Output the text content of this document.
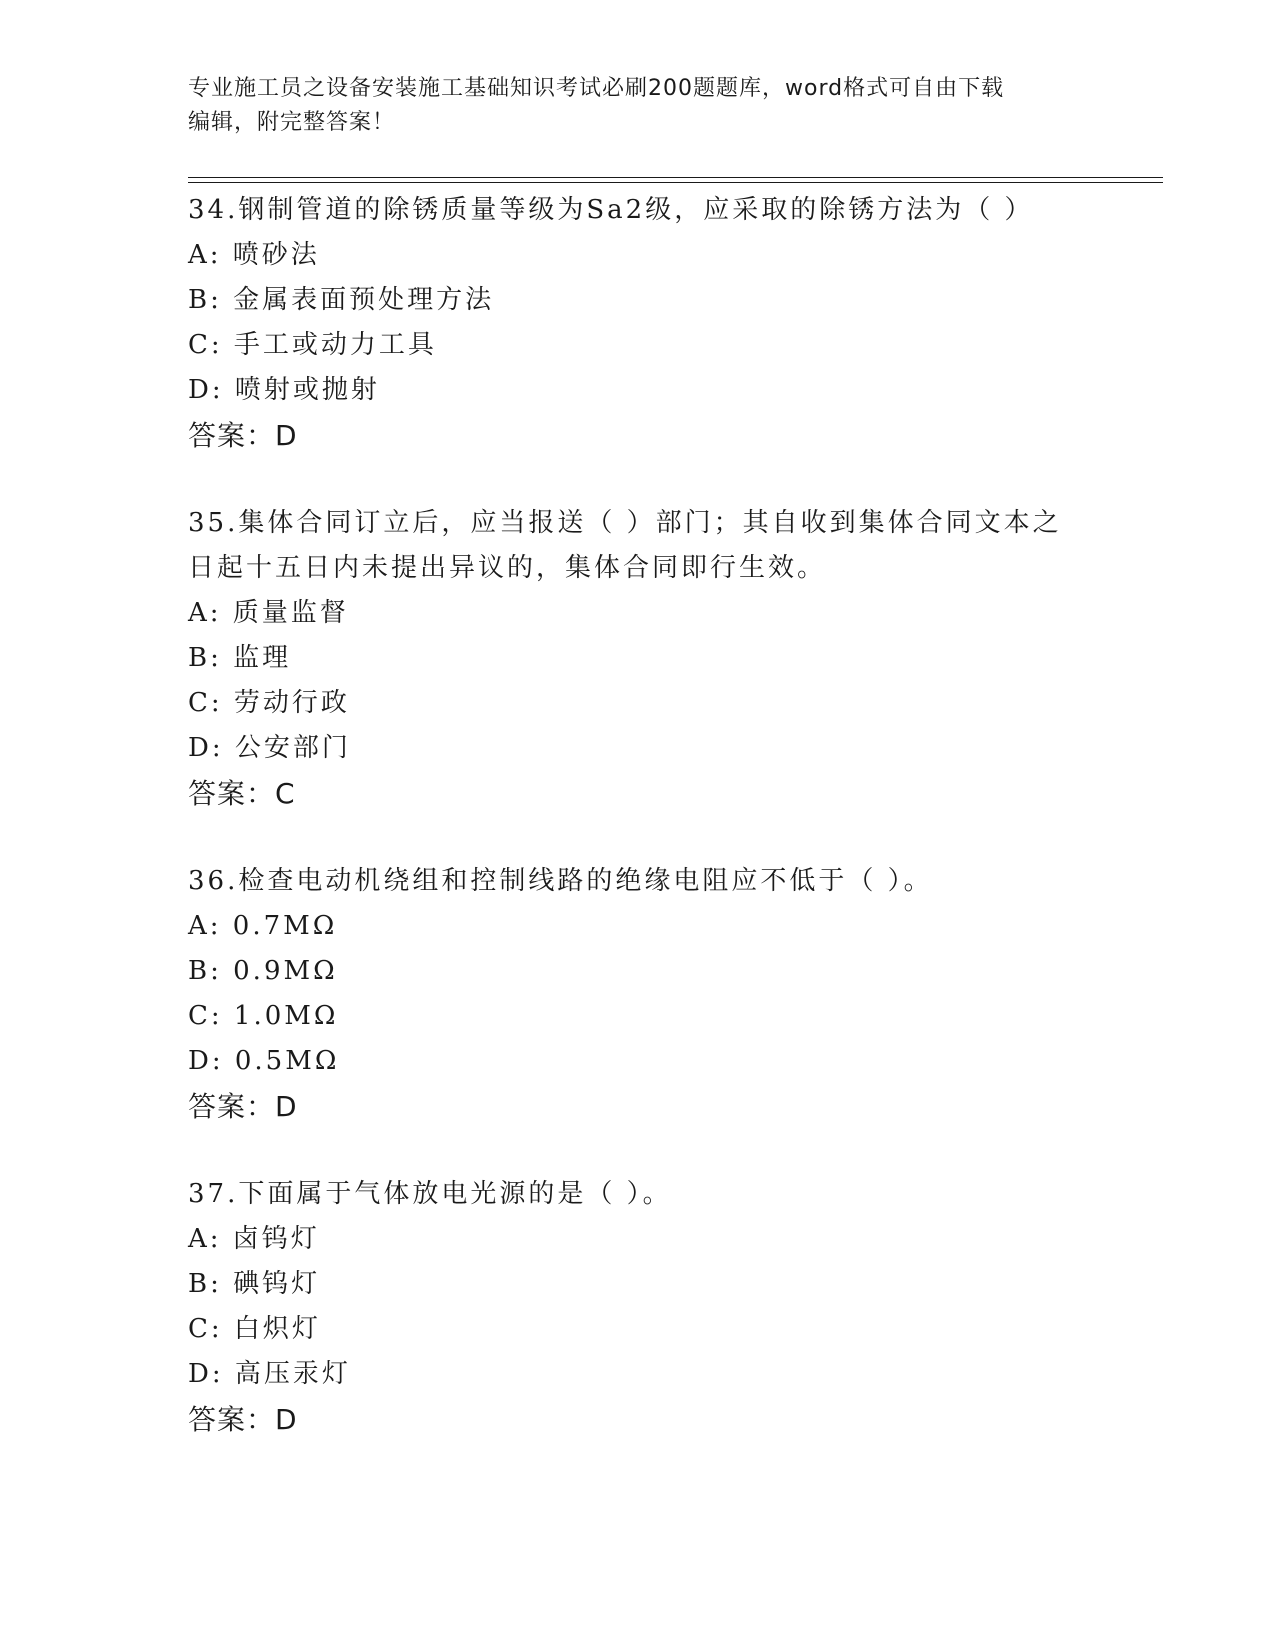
专业施工员之设备安装施工基础知识考试必刷200题题库，word格式可自由下载
编辑，附完整答案！
34.钢制管道的除锈质量等级为Sa2级，应采取的除锈方法为（ ）
A: 喷砂法
B: 金属表面预处理方法
C: 手工或动力工具
D: 喷射或抛射
答案：D
35.集体合同订立后，应当报送（ ）部门；其自收到集体合同文本之日起十五日内未提出异议的，集体合同即行生效。
A: 质量监督
B: 监理
C: 劳动行政
D: 公安部门
答案：C
36.检查电动机绕组和控制线路的绝缘电阻应不低于（ ）。
A: 0.7MΩ
B: 0.9MΩ
C: 1.0MΩ
D: 0.5MΩ
答案：D
37.下面属于气体放电光源的是（ ）。
A: 卤钨灯
B: 碘钨灯
C: 白炽灯
D: 高压汞灯
答案：D
